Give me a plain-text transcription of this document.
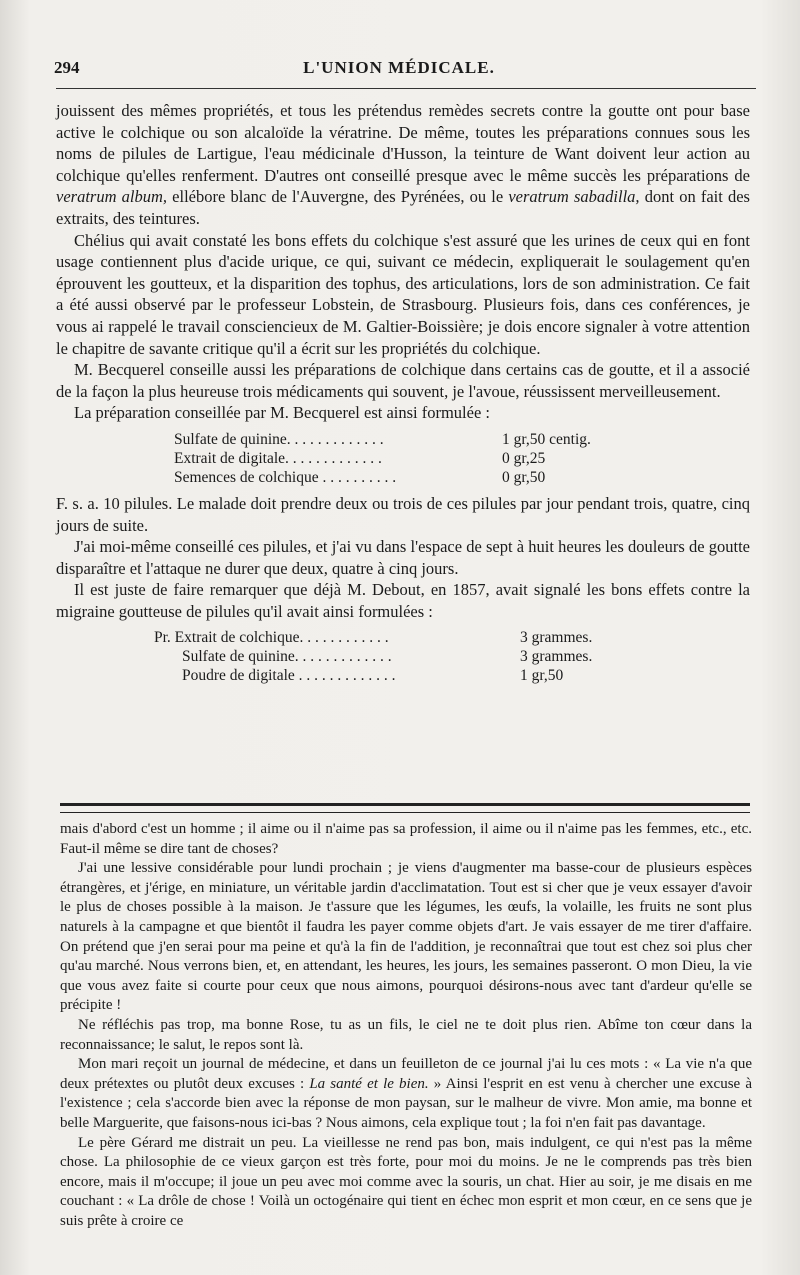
294	L'UNION MÉDICALE.

jouissent des mêmes propriétés, et tous les prétendus remèdes secrets contre la goutte ont pour base active le colchique ou son alcaloïde la vératrine. De même, toutes les préparations connues sous les noms de pilules de Lartigue, l'eau médicinale d'Husson, la teinture de Want doivent leur action au colchique qu'elles renferment. D'autres ont conseillé presque avec le même succès les préparations de veratrum album, ellébore blanc de l'Auvergne, des Pyrénées, ou le veratrum sabadilla, dont on fait des extraits, des teintures.

Chélius qui avait constaté les bons effets du colchique s'est assuré que les urines de ceux qui en font usage contiennent plus d'acide urique, ce qui, suivant ce médecin, expliquerait le soulagement qu'en éprouvent les goutteux, et la disparition des tophus, des articulations, lors de son administration. Ce fait a été aussi observé par le professeur Lobstein, de Strasbourg. Plusieurs fois, dans ces conférences, je vous ai rappelé le travail consciencieux de M. Galtier-Boissière; je dois encore signaler à votre attention le chapitre de savante critique qu'il a écrit sur les propriétés du colchique.

M. Becquerel conseille aussi les préparations de colchique dans certains cas de goutte, et il a associé de la façon la plus heureuse trois médicaments qui souvent, je l'avoue, réussissent merveilleusement.

La préparation conseillée par M. Becquerel est ainsi formulée :

Sulfate de quinine. . . . . . . . . . . . .	1 gr,50 centig.
Extrait de digitale. . . . . . . . . . . . .	0 gr,25
Semences de colchique . . . . . . . . . .	0 gr,50

F. s. a. 10 pilules. Le malade doit prendre deux ou trois de ces pilules par jour pendant trois, quatre, cinq jours de suite.

J'ai moi-même conseillé ces pilules, et j'ai vu dans l'espace de sept à huit heures les douleurs de goutte disparaître et l'attaque ne durer que deux, quatre à cinq jours.

Il est juste de faire remarquer que déjà M. Debout, en 1857, avait signalé les bons effets contre la migraine goutteuse de pilules qu'il avait ainsi formulées :

Pr. Extrait de colchique. . . . . . . . . . . .	3 grammes.
Sulfate de quinine. . . . . . . . . . . . .	3 grammes.
Poudre de digitale . . . . . . . . . . . . .	1 gr,50

mais d'abord c'est un homme ; il aime ou il n'aime pas sa profession, il aime ou il n'aime pas les femmes, etc., etc. Faut-il même se dire tant de choses?

J'ai une lessive considérable pour lundi prochain ; je viens d'augmenter ma basse-cour de plusieurs espèces étrangères, et j'érige, en miniature, un véritable jardin d'acclimatation. Tout est si cher que je veux essayer d'avoir le plus de choses possible à la maison. Je t'assure que les légumes, les œufs, la volaille, les fruits ne sont plus naturels à la campagne et que bientôt il faudra les payer comme objets d'art. Je vais essayer de me tirer d'affaire. On prétend que j'en serai pour ma peine et qu'à la fin de l'addition, je reconnaîtrai que tout est chez soi plus cher qu'au marché. Nous verrons bien, et, en attendant, les heures, les jours, les semaines passeront. O mon Dieu, la vie que vous avez faite si courte pour ceux que nous aimons, pourquoi désirons-nous avec tant d'ardeur qu'elle se précipite !

Ne réfléchis pas trop, ma bonne Rose, tu as un fils, le ciel ne te doit plus rien. Abîme ton cœur dans la reconnaissance; le salut, le repos sont là.

Mon mari reçoit un journal de médecine, et dans un feuilleton de ce journal j'ai lu ces mots : « La vie n'a que deux prétextes ou plutôt deux excuses : La santé et le bien. » Ainsi l'esprit en est venu à chercher une excuse à l'existence ; cela s'accorde bien avec la réponse de mon paysan, sur le malheur de vivre. Mon amie, ma bonne et belle Marguerite, que faisons-nous ici-bas ? Nous aimons, cela explique tout ; la foi n'en fait pas davantage.

Le père Gérard me distrait un peu. La vieillesse ne rend pas bon, mais indulgent, ce qui n'est pas la même chose. La philosophie de ce vieux garçon est très forte, pour moi du moins. Je ne le comprends pas très bien encore, mais il m'occupe; il joue un peu avec moi comme avec la souris, un chat. Hier au soir, je me disais en me couchant : « La drôle de chose ! Voilà un octogénaire qui tient en échec mon esprit et mon cœur, en ce sens que je suis prête à croire ce
